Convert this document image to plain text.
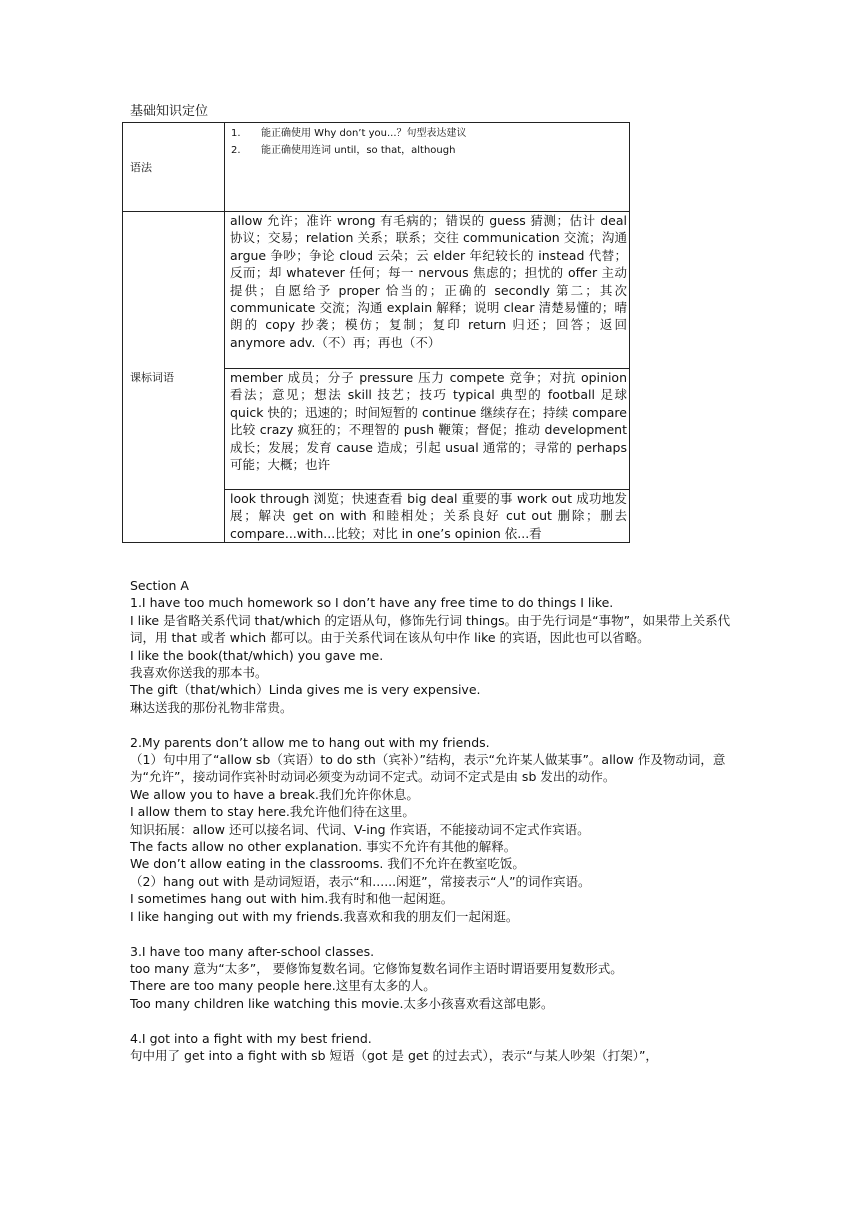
基础知识定位
语法	1. 能正确使用 Why don’t you...？句型表达建议
2. 能正确使用连词 until，so that，although

课标词语	allow 允许；准许 wrong 有毛病的；错误的 guess 猜测；估计 deal 协议；交易；relation 关系；联系；交往 communication 交流；沟通 argue 争吵；争论 cloud 云朵；云 elder 年纪较长的 instead 代替；反而；却 whatever 任何；每一 nervous 焦虑的；担忧的 offer 主动提供；自愿给予 proper 恰当的；正确的 secondly 第二；其次 communicate 交流；沟通 explain 解释；说明 clear 清楚易懂的；晴朗的 copy 抄袭；模仿；复制；复印 return 归还；回答；返回 anymore adv.（不）再；再也（不）

	member 成员；分子 pressure 压力 compete 竞争；对抗 opinion 看法；意见；想法 skill 技艺；技巧 typical 典型的 football 足球 quick 快的；迅速的；时间短暂的 continue 继续存在；持续 compare 比较 crazy 疯狂的；不理智的 push 鞭策；督促；推动 development 成长；发展；发育 cause 造成；引起 usual 通常的；寻常的 perhaps 可能；大概；也许

	look through 浏览；快速查看 big deal 重要的事 work out 成功地发展；解决 get on with 和睦相处；关系良好 cut out 删除；删去 compare...with...比较；对比 in one’s opinion 依...看

Section A

1.I have too much homework so I don’t have any free time to do things I like.

I like 是省略关系代词 that/which 的定语从句，修饰先行词 things。由于先行词是“事物”，如果带上关系代词，用 that 或者 which 都可以。由于关系代词在该从句中作 like 的宾语，因此也可以省略。

I like the book(that/which) you gave me.

我喜欢你送我的那本书。

The gift（that/which）Linda gives me is very expensive.

琳达送我的那份礼物非常贵。

2.My parents don’t allow me to hang out with my friends.

（1）句中用了“allow sb（宾语）to do sth（宾补）”结构，表示“允许某人做某事”。allow 作及物动词，意为“允许”，接动词作宾补时动词必须变为动词不定式。动词不定式是由 sb 发出的动作。

We allow you to have a break.我们允许你休息。

I allow them to stay here.我允许他们待在这里。

知识拓展：allow 还可以接名词、代词、V-ing 作宾语，不能接动词不定式作宾语。

The facts allow no other explanation. 事实不允许有其他的解释。

We don’t allow eating in the classrooms. 我们不允许在教室吃饭。

（2）hang out with 是动词短语，表示“和......闲逛”，常接表示“人”的词作宾语。

I sometimes hang out with him.我有时和他一起闲逛。

I like hanging out with my friends.我喜欢和我的朋友们一起闲逛。

3.I have too many after-school classes.

too many 意为“太多”， 要修饰复数名词。它修饰复数名词作主语时谓语要用复数形式。

There are too many people here.这里有太多的人。

Too many children like watching this movie.太多小孩喜欢看这部电影。

4.I got into a fight with my best friend.

句中用了 get into a fight with sb 短语（got 是 get 的过去式），表示“与某人吵架（打架）”，
